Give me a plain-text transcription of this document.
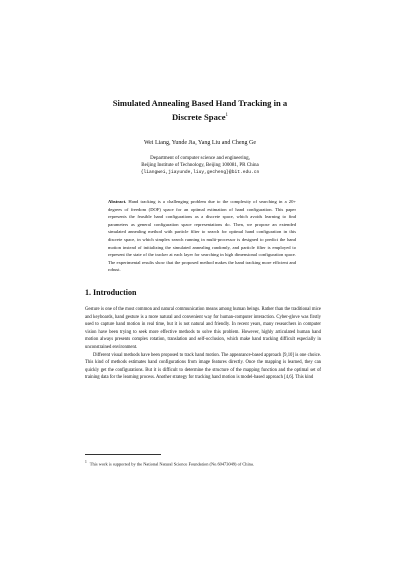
Simulated Annealing Based Hand Tracking in a
Discrete Space$^1$
Wei Liang, Yunde Jia, Yang Liu and Cheng Ge
Department of computer science and engineering,
Beijing Institute of Technology, Beijing 100081, PR China
{liangwei,jiayunde,liuy,gecheng}@bit.edu.cn
Abstract. Hand tracking is a challenging problem due to the complexity of searching in a 20+ degrees of freedom (DOF) space for an optimal estimation of hand configuration. This paper represents the feasible hand configurations as a discrete space, which avoids learning to find parameters as general configuration space representations do. Then, we propose an extended simulated annealing method with particle filter to search for optimal hand configuration in this discrete space, in which simplex search running in multi-processor is designed to predict the hand motion instead of initializing the simulated annealing randomly, and particle filter is employed to represent the state of the tracker at each layer for searching in high dimensional configuration space. The experimental results show that the proposed method makes the hand tracking more efficient and robust.
1. Introduction

Gesture is one of the most common and natural communication means among human beings. Rather than the traditional mice and keyboards, hand gesture is a more natural and convenient way for human-computer interaction. Cyber-glove was firstly used to capture hand motion in real time, but it is not natural and friendly. In recent years, many researchers in computer vision have been trying to seek more effective methods to solve this problem. However, highly articulated human hand motion always presents complex rotation, translation and self-occlusion, which make hand tracking difficult especially in unconstrained environment.

Different visual methods have been proposed to track hand motion. The appearance-based approach [9,10] is one choice. This kind of methods estimates hand configurations from image features directly. Once the mapping is learned, they can quickly get the configurations. But it is difficult to determine the structure of the mapping function and the optimal set of training data for the learning process. Another strategy for tracking hand motion is model-based approach [4,6]. This kind

$^1$ This work is supported by the National Natural Science Foundation (No.60473049) of China.
